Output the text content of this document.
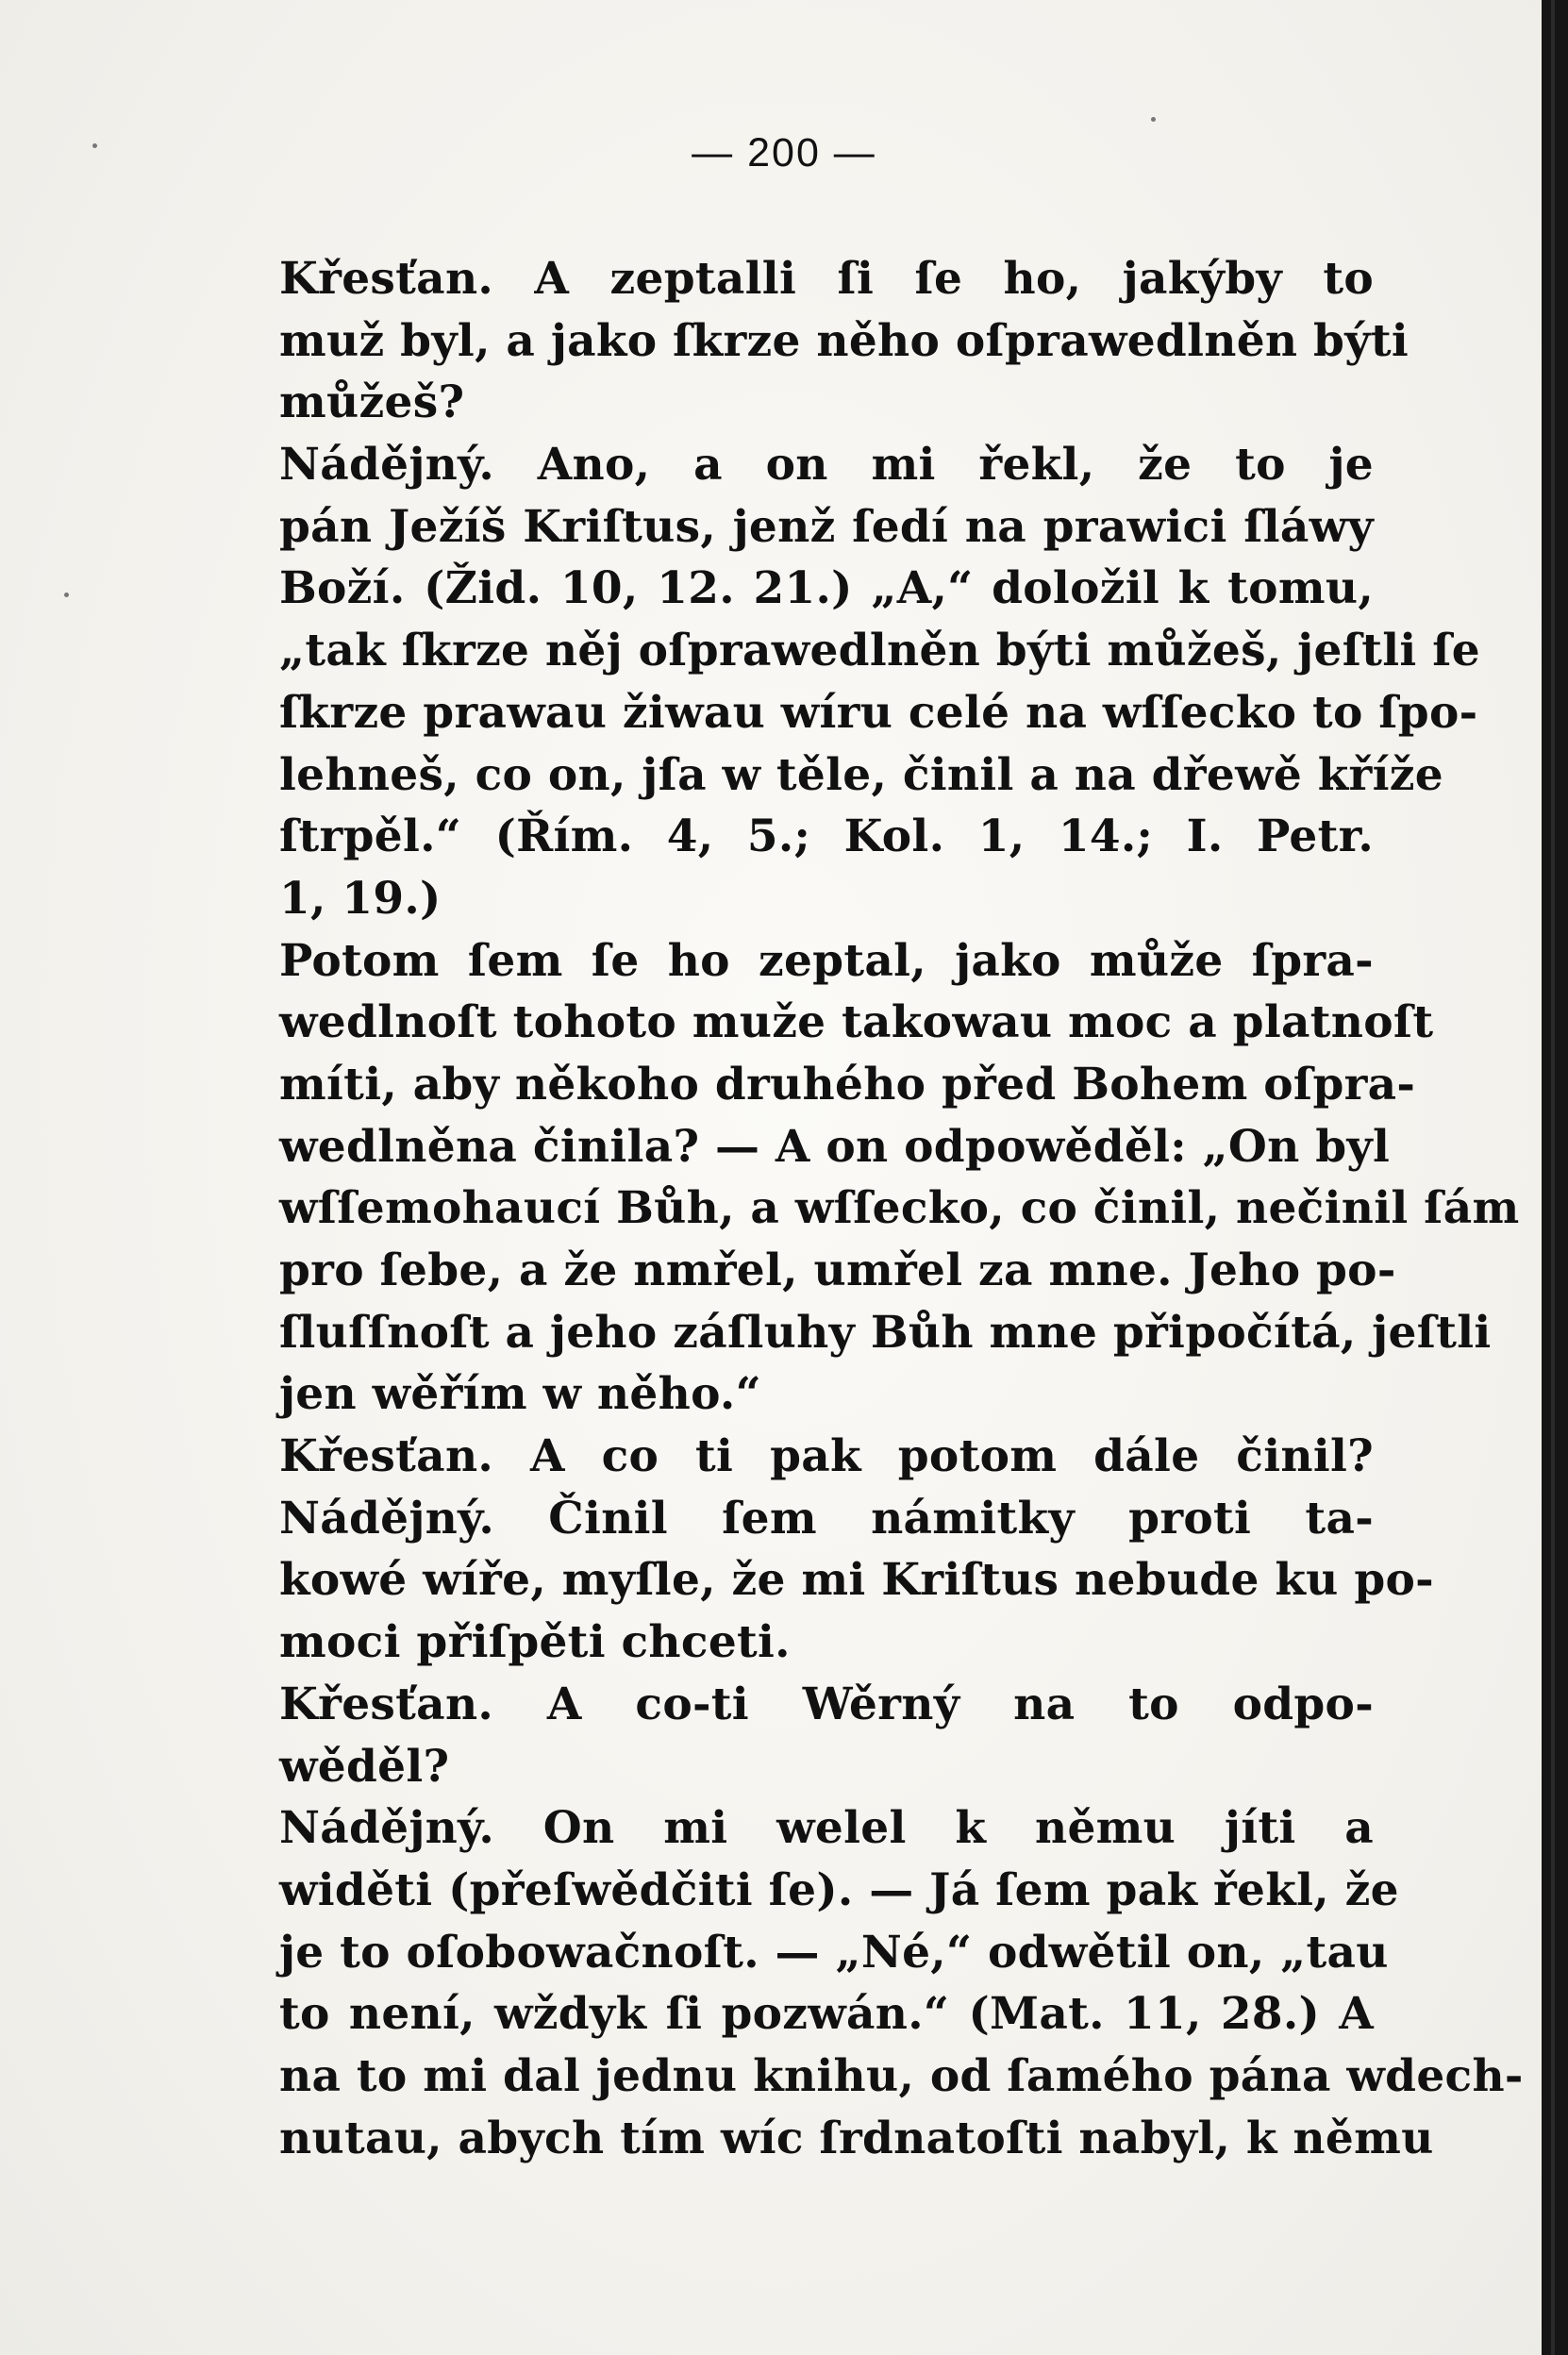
— 200 —
Křesťan. A zeptalli ſi ſe ho, jakýby to
muž byl, a jako ſkrze něho oſprawedlněn býti
můžeš?
Nádějný. Ano, a on mi řekl, že to je
pán Ježíš Kriſtus, jenž ſedí na prawici ſláwy
Boží. (Žid. 10, 12. 21.) „A,“ doložil k tomu,
„tak ſkrze něj oſprawedlněn býti můžeš, jeſtli ſe
ſkrze prawau žiwau wíru celé na wſſecko to ſpo-
lehneš, co on, jſa w těle, činil a na dřewě kříže
ſtrpěl.“ (Řím. 4, 5.; Kol. 1, 14.; I. Petr.
1, 19.)
Potom ſem ſe ho zeptal, jako může ſpra-
wedlnoſt tohoto muže takowau moc a platnoſt
míti, aby někoho druhého před Bohem oſpra-
wedlněna činila? — A on odpowěděl: „On byl
wſſemohaucí Bůh, a wſſecko, co činil, nečinil ſám
pro ſebe, a že nmřel, umřel za mne. Jeho po-
ſluſſnoſt a jeho záſluhy Bůh mne připočítá, jeſtli
jen wěřím w něho.“
Křesťan. A co ti pak potom dále činil?
Nádějný. Činil ſem námitky proti ta-
kowé wíře, myſle, že mi Kriſtus nebude ku po-
moci přiſpěti chceti.
Křesťan. A co-ti Wěrný na to odpo-
wěděl?
Nádějný. On mi welel k němu jíti a
widěti (přeſwědčiti ſe). — Já ſem pak řekl, že
je to oſobowačnoſt. — „Né,“ odwětil on, „tau
to není, wždyk ſi pozwán.“ (Mat. 11, 28.) A
na to mi dal jednu knihu, od ſamého pána wdech-
nutau, abych tím wíc ſrdnatoſti nabyl, k němu
